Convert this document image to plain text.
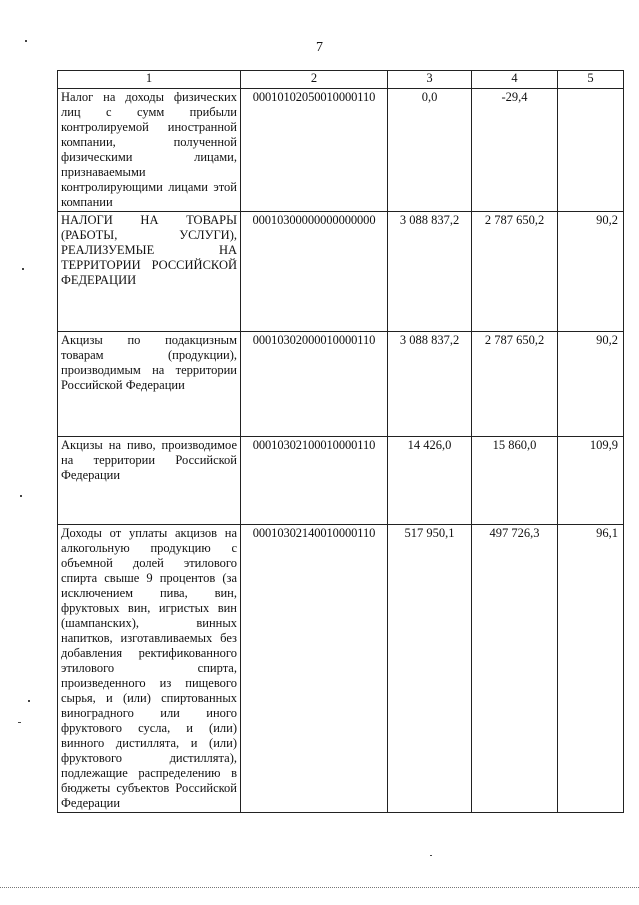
7
1	2	3	4	5
Налог на доходы физических лиц с сумм прибыли контролируемой иностранной компании, полученной физическими лицами, признаваемыми контролирующими лицами этой компании	00010102050010000110	0,0	-29,4	
НАЛОГИ НА ТОВАРЫ (РАБОТЫ, УСЛУГИ), РЕАЛИЗУЕМЫЕ НА ТЕРРИТОРИИ РОССИЙСКОЙ ФЕДЕРАЦИИ	00010300000000000000	3 088 837,2	2 787 650,2	90,2
Акцизы по подакцизным товарам (продукции), производимым на территории Российской Федерации	00010302000010000110	3 088 837,2	2 787 650,2	90,2
Акцизы на пиво, производимое на территории Российской Федерации	00010302100010000110	14 426,0	15 860,0	109,9
Доходы от уплаты акцизов на алкогольную продукцию с объемной долей этилового спирта свыше 9 процентов (за исключением пива, вин, фруктовых вин, игристых вин (шампанских), винных напитков, изготавливаемых без добавления ректификованного этилового спирта, произведенного из пищевого сырья, и (или) спиртованных виноградного или иного фруктового сусла, и (или) винного дистиллята, и (или) фруктового дистиллята), подлежащие распределению в бюджеты субъектов Российской Федерации	00010302140010000110	517 950,1	497 726,3	96,1
